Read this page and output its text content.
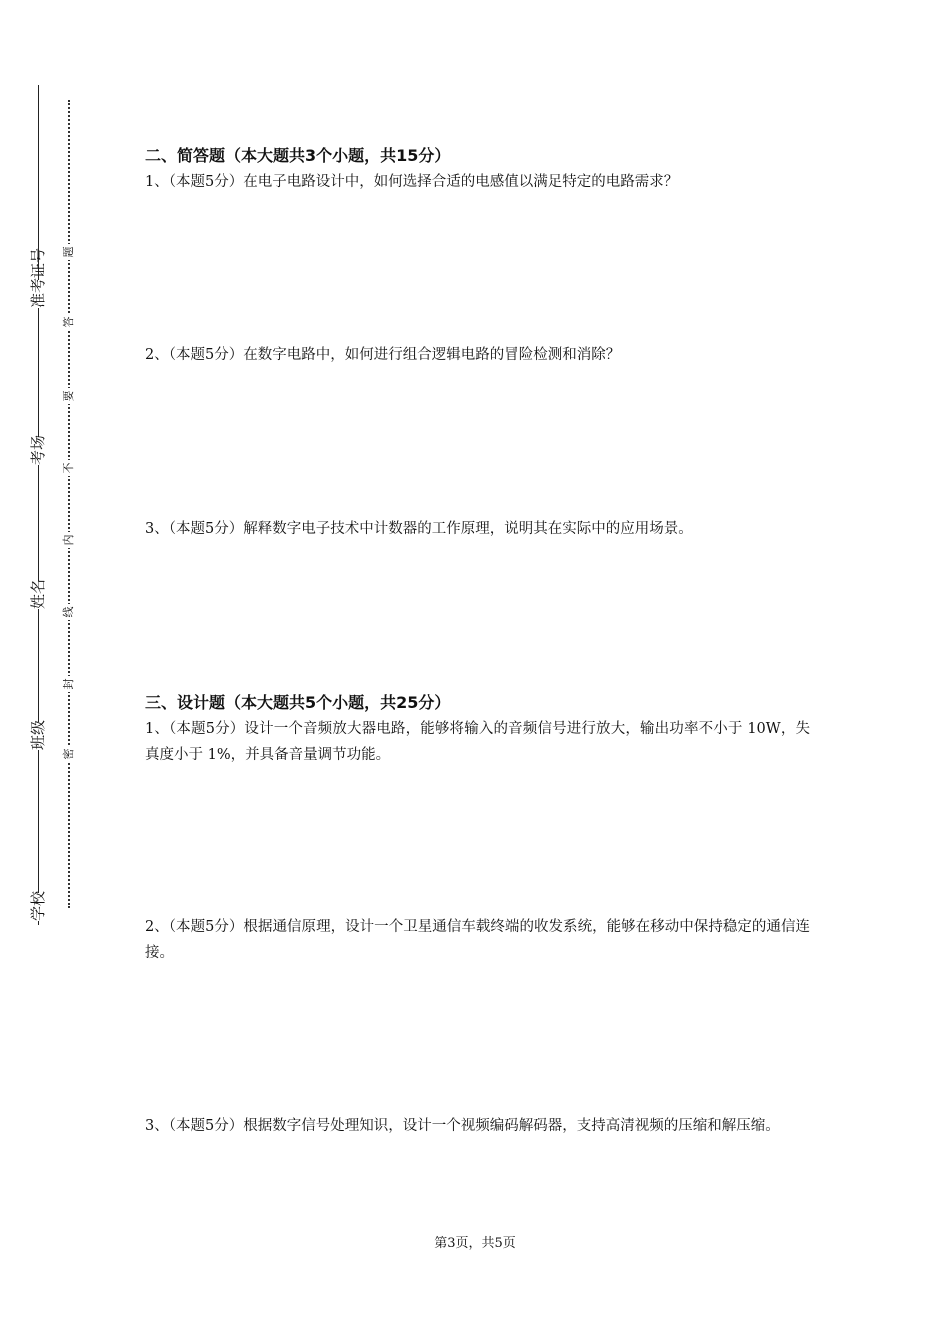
准考证号
考场
姓名
班级
学校
题
答
要
不
内
线
封
密
二、简答题（本大题共3个小题，共15分）
1、（本题5分）在电子电路设计中，如何选择合适的电感值以满足特定的电路需求？
2、（本题5分）在数字电路中，如何进行组合逻辑电路的冒险检测和消除？
3、（本题5分）解释数字电子技术中计数器的工作原理，说明其在实际中的应用场景。
三、设计题（本大题共5个小题，共25分）
1、（本题5分）设计一个音频放大器电路，能够将输入的音频信号进行放大，输出功率不小于 10W，失真度小于 1%，并具备音量调节功能。
2、（本题5分）根据通信原理，设计一个卫星通信车载终端的收发系统，能够在移动中保持稳定的通信连接。
3、（本题5分）根据数字信号处理知识，设计一个视频编码解码器，支持高清视频的压缩和解压缩。
第3页，共5页
